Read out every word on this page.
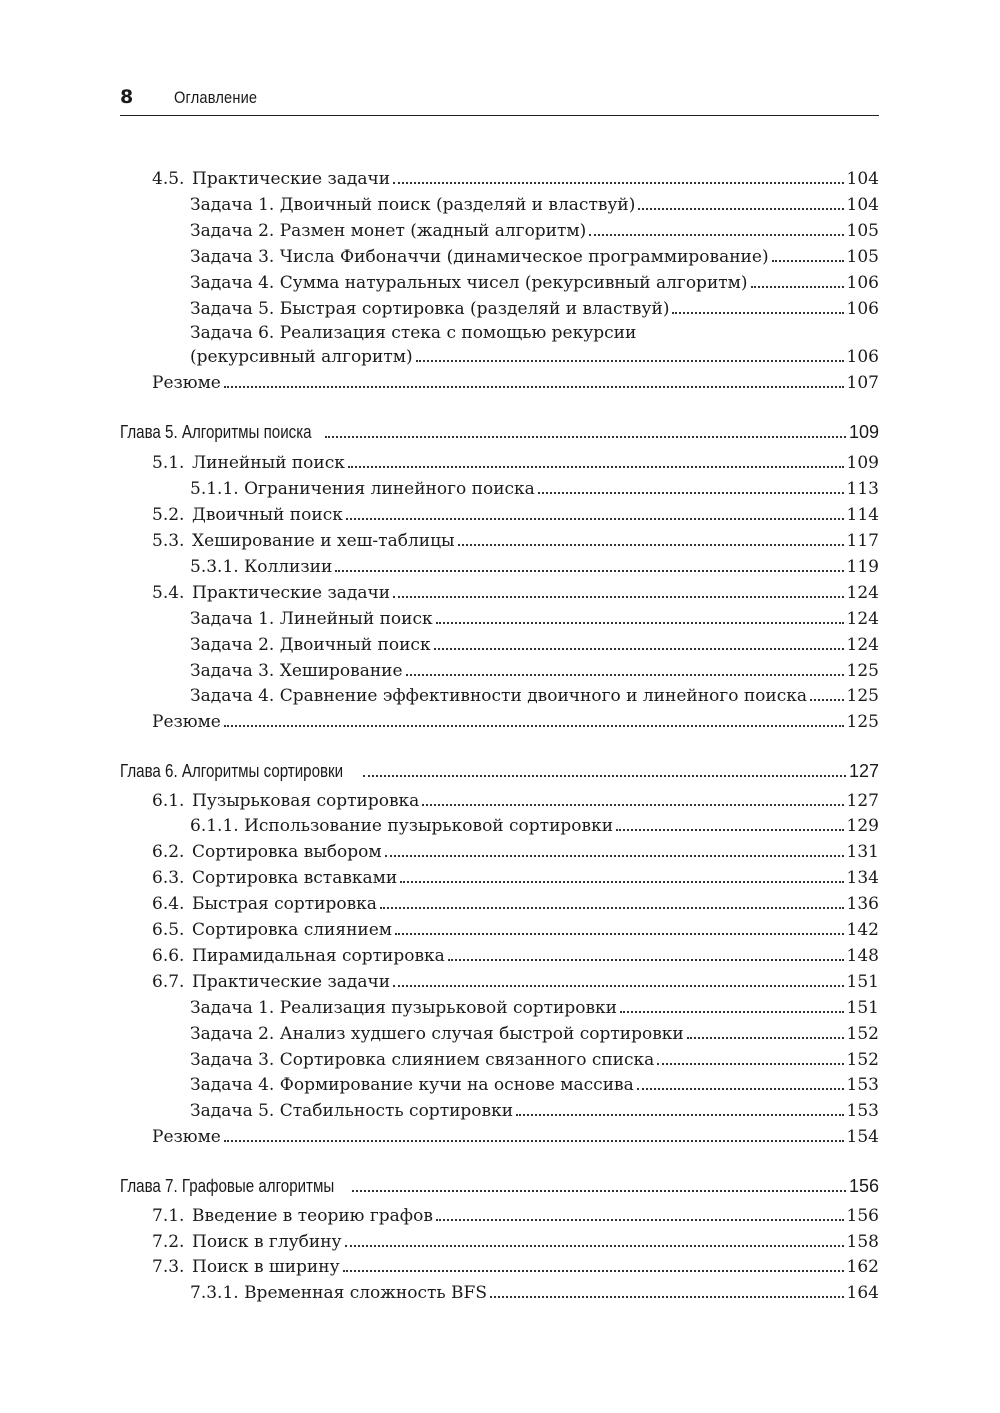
8 Оглавление
4.5. Практические задачи	104
Задача 1. Двоичный поиск (разделяй и властвуй)	104
Задача 2. Размен монет (жадный алгоритм)	105
Задача 3. Числа Фибоначчи (динамическое программирование)	105
Задача 4. Сумма натуральных чисел (рекурсивный алгоритм)	106
Задача 5. Быстрая сортировка (разделяй и властвуй)	106
Задача 6. Реализация стека с помощью рекурсии
(рекурсивный алгоритм)	106
Резюме	107
Глава 5. Алгоритмы поиска	109
5.1. Линейный поиск	109
5.1.1. Ограничения линейного поиска	113
5.2. Двоичный поиск	114
5.3. Хеширование и хеш-таблицы	117
5.3.1. Коллизии	119
5.4. Практические задачи	124
Задача 1. Линейный поиск	124
Задача 2. Двоичный поиск	124
Задача 3. Хеширование	125
Задача 4. Сравнение эффективности двоичного и линейного поиска 125
Резюме	125
Глава 6. Алгоритмы сортировки	127
6.1. Пузырьковая сортировка	127
6.1.1. Использование пузырьковой сортировки	129
6.2. Сортировка выбором	131
6.3. Сортировка вставками	134
6.4. Быстрая сортировка	136
6.5. Сортировка слиянием	142
6.6. Пирамидальная сортировка	148
6.7. Практические задачи	151
Задача 1. Реализация пузырьковой сортировки	151
Задача 2. Анализ худшего случая быстрой сортировки	152
Задача 3. Сортировка слиянием связанного списка	152
Задача 4. Формирование кучи на основе массива	153
Задача 5. Стабильность сортировки	153
Резюме	154
Глава 7. Графовые алгоритмы	156
7.1. Введение в теорию графов	156
7.2. Поиск в глубину	158
7.3. Поиск в ширину	162
7.3.1. Временная сложность BFS	164
